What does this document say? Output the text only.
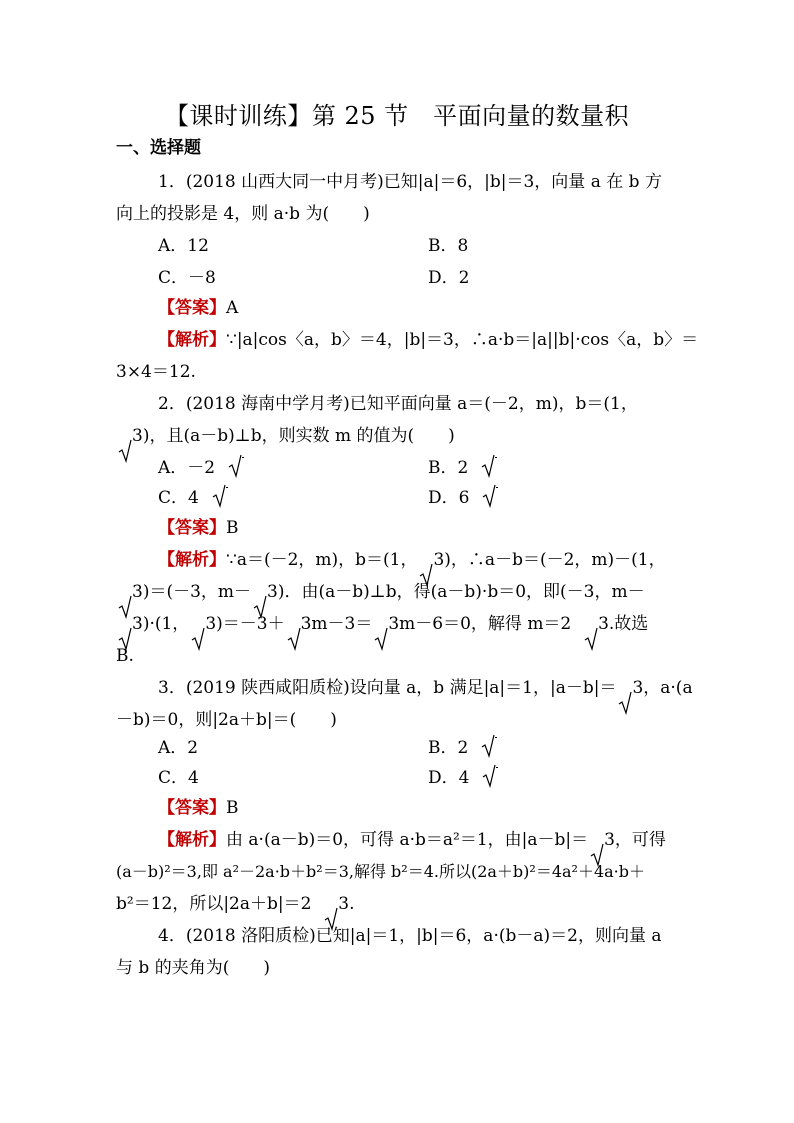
【课时训练】第 25 节　平面向量的数量积
一、选择题
1．(2018 山西大同一中月考)已知|a|＝6，|b|＝3，向量 a 在 b 方
向上的投影是 4，则 a·b 为(　　)
A．12	B．8
C．－8	D．2
【答案】A
【解析】∵|a|cos〈a，b〉＝4，|b|＝3，∴a·b＝|a||b|·cos〈a，b〉＝
3×4＝12.
2．(2018 海南中学月考)已知平面向量 a＝(－2，m)，b＝(1，
3)，且(a－b)⊥b，则实数 m 的值为(　　)
A．－2	B．2
C．4	D．6
【答案】B
【解析】∵a＝(－2，m)，b＝(1， 3)，∴a－b＝(－2，m)－(1，
3)＝(－3，m－ 3)．由(a－b)⊥b，得(a－b)·b＝0，即(－3，m－
3)·(1， 3)＝－3＋ 3m－3＝ 3m－6＝0，解得 m＝2 3.故选
B.
3．(2019 陕西咸阳质检)设向量 a，b 满足|a|＝1，|a－b|＝ 3，a·(a
－b)＝0，则|2a＋b|＝(　　)
A．2	B．2
C．4	D．4
【答案】B
【解析】由 a·(a－b)＝0，可得 a·b＝a²＝1，由|a－b|＝ 3，可得
(a－b)²＝3,即 a²－2a·b＋b²＝3,解得 b²＝4.所以(2a＋b)²＝4a²＋4a·b＋
b²＝12，所以|2a＋b|＝2 3.
4．(2018 洛阳质检)已知|a|＝1，|b|＝6，a·(b－a)＝2，则向量 a
与 b 的夹角为(　　)
